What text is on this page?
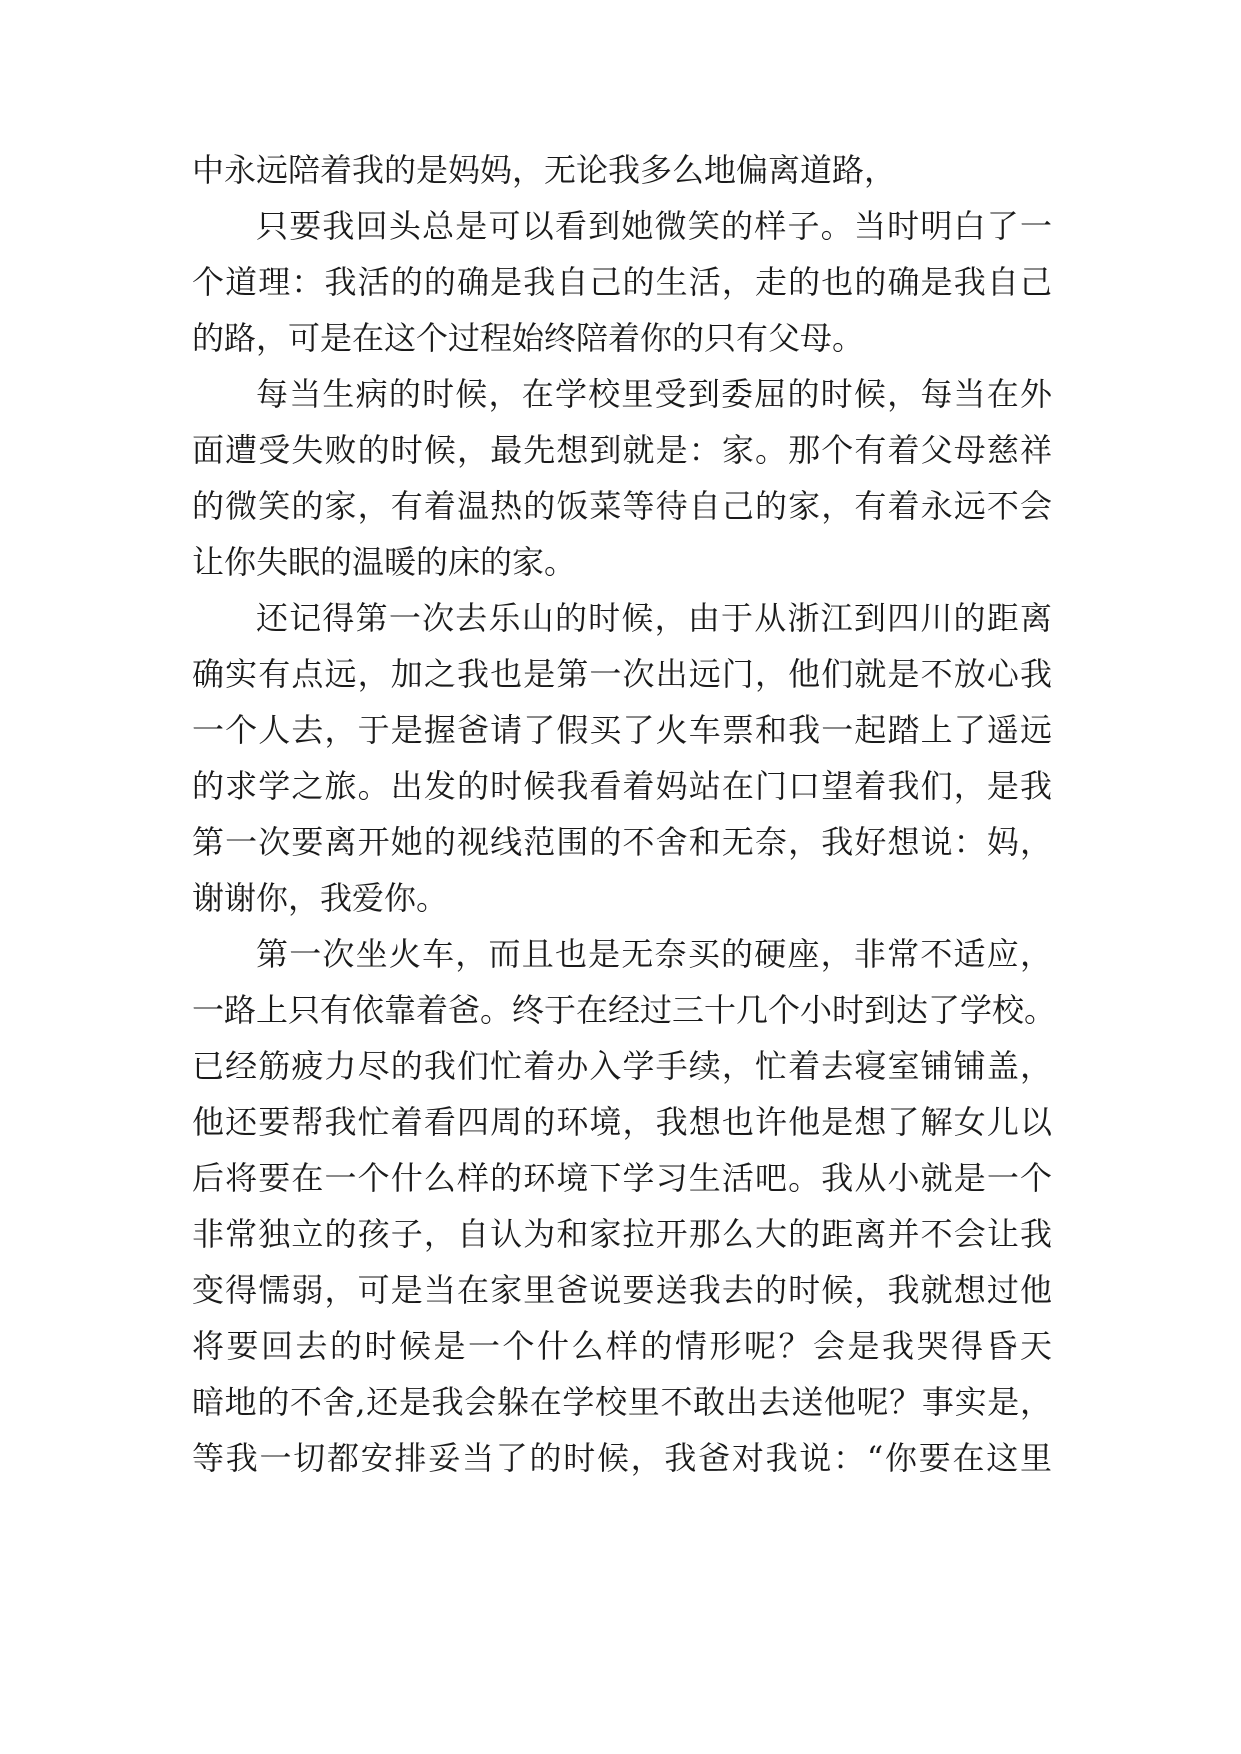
中永远陪着我的是妈妈，无论我多么地偏离道路，

只要我回头总是可以看到她微笑的样子。当时明白了一

个道理：我活的的确是我自己的生活，走的也的确是我自己

的路，可是在这个过程始终陪着你的只有父母。

每当生病的时候，在学校里受到委屈的时候，每当在外

面遭受失败的时候，最先想到就是：家。那个有着父母慈祥

的微笑的家，有着温热的饭菜等待自己的家，有着永远不会

让你失眠的温暖的床的家。

还记得第一次去乐山的时候，由于从浙江到四川的距离

确实有点远，加之我也是第一次出远门，他们就是不放心我

一个人去，于是握爸请了假买了火车票和我一起踏上了遥远

的求学之旅。出发的时候我看着妈站在门口望着我们，是我

第一次要离开她的视线范围的不舍和无奈，我好想说：妈，

谢谢你，我爱你。

第一次坐火车，而且也是无奈买的硬座，非常不适应，

一路上只有依靠着爸。终于在经过三十几个小时到达了学校。

已经筋疲力尽的我们忙着办入学手续，忙着去寝室铺铺盖，

他还要帮我忙着看四周的环境，我想也许他是想了解女儿以

后将要在一个什么样的环境下学习生活吧。我从小就是一个

非常独立的孩子，自认为和家拉开那么大的距离并不会让我

变得懦弱，可是当在家里爸说要送我去的时候，我就想过他

将要回去的时候是一个什么样的情形呢？会是我哭得昏天

暗地的不舍,还是我会躲在学校里不敢出去送他呢？事实是，

等我一切都安排妥当了的时候，我爸对我说：“你要在这里
